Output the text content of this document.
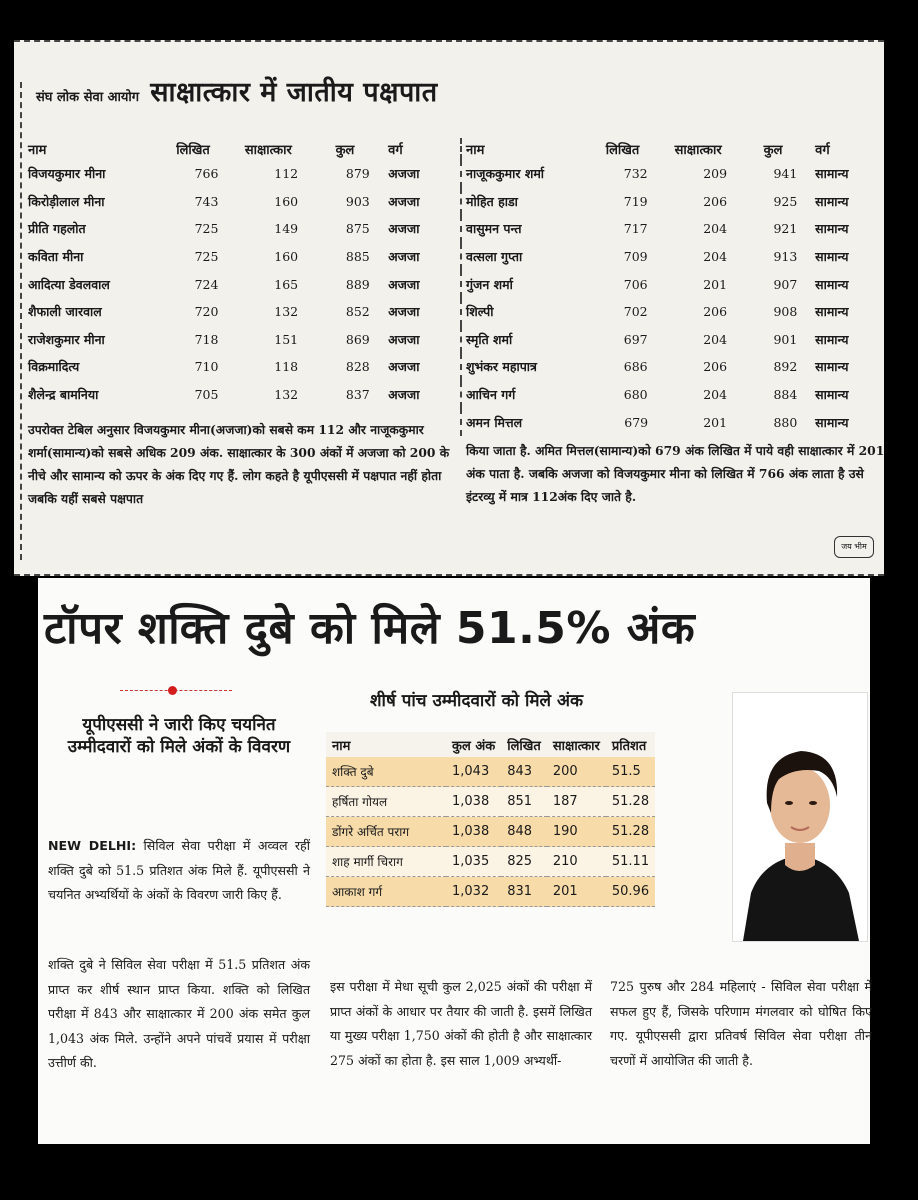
संघ लोक सेवा आयोग साक्षात्कार में जातीय पक्षपात
नाम	लिखित	साक्षात्कार	कुल	वर्ग
विजयकुमार मीना	766	112	879	अजजा
किरोड़ीलाल मीना	743	160	903	अजजा
प्रीति गहलोत	725	149	875	अजजा
कविता मीना	725	160	885	अजजा
आदित्या डेवलवाल	724	165	889	अजजा
शैफाली जारवाल	720	132	852	अजजा
राजेशकुमार मीना	718	151	869	अजजा
विक्रमादित्य	710	118	828	अजजा
शैलेन्द्र बामनिया	705	132	837	अजजा
नाम	लिखित	साक्षात्कार	कुल	वर्ग
नाजूककुमार शर्मा	732	209	941	सामान्य
मोहित हाडा	719	206	925	सामान्य
वासुमन पन्त	717	204	921	सामान्य
वत्सला गुप्ता	709	204	913	सामान्य
गुंजन शर्मा	706	201	907	सामान्य
शिल्पी	702	206	908	सामान्य
स्मृति शर्मा	697	204	901	सामान्य
शुभंकर महापात्र	686	206	892	सामान्य
आचिन गर्ग	680	204	884	सामान्य
अमन मित्तल	679	201	880	सामान्य
उपरोक्त टेबिल अनुसार विजयकुमार मीना(अजजा)को सबसे कम 112 और नाजूककुमार शर्मा(सामान्य)को सबसे अधिक 209 अंक. साक्षात्कार के 300 अंकों में अजजा को 200 के नीचे और सामान्य को ऊपर के अंक दिए गए हैं. लोग कहते है यूपीएससी में पक्षपात नहीं होता जबकि यहीं सबसे पक्षपात
किया जाता है. अमित मित्तल(सामान्य)को 679 अंक लिखित में पाये वही साक्षात्कार में 201 अंक पाता है. जबकि अजजा को विजयकुमार मीना को लिखित में 766 अंक लाता है उसे इंटरव्यु में मात्र 112अंक दिए जाते है.
जय भीम
टॉपर शक्ति दुबे को मिले 51.5% अंक
यूपीएससी ने जारी किए चयनित उम्मीदवारों को मिले अंकों के विवरण
शीर्ष पांच उम्मीदवारों को मिले अंक
नाम	कुल अंक	लिखित	साक्षात्कार	प्रतिशत
शक्ति दुबे	1,043	843	200	51.5
हर्षिता गोयल	1,038	851	187	51.28
डोंगरे अर्चित पराग	1,038	848	190	51.28
शाह मार्गी चिराग	1,035	825	210	51.11
आकाश गर्ग	1,032	831	201	50.96
NEW DELHI: सिविल सेवा परीक्षा में अव्वल रहीं शक्ति दुबे को 51.5 प्रतिशत अंक मिले हैं. यूपीएससी ने चयनित अभ्यर्थियों के अंकों के विवरण जारी किए हैं.
शक्ति दुबे ने सिविल सेवा परीक्षा में 51.5 प्रतिशत अंक प्राप्त कर शीर्ष स्थान प्राप्त किया. शक्ति को लिखित परीक्षा में 843 और साक्षात्कार में 200 अंक समेत कुल 1,043 अंक मिले. उन्होंने अपने पांचवें प्रयास में परीक्षा उत्तीर्ण की.
इस परीक्षा में मेधा सूची कुल 2,025 अंकों की परीक्षा में प्राप्त अंकों के आधार पर तैयार की जाती है. इसमें लिखित या मुख्य परीक्षा 1,750 अंकों की होती है और साक्षात्कार 275 अंकों का होता है. इस साल 1,009 अभ्यर्थी-
725 पुरुष और 284 महिलाएं - सिविल सेवा परीक्षा में सफल हुए हैं, जिसके परिणाम मंगलवार को घोषित किए गए. यूपीएससी द्वारा प्रतिवर्ष सिविल सेवा परीक्षा तीन चरणों में आयोजित की जाती है.
